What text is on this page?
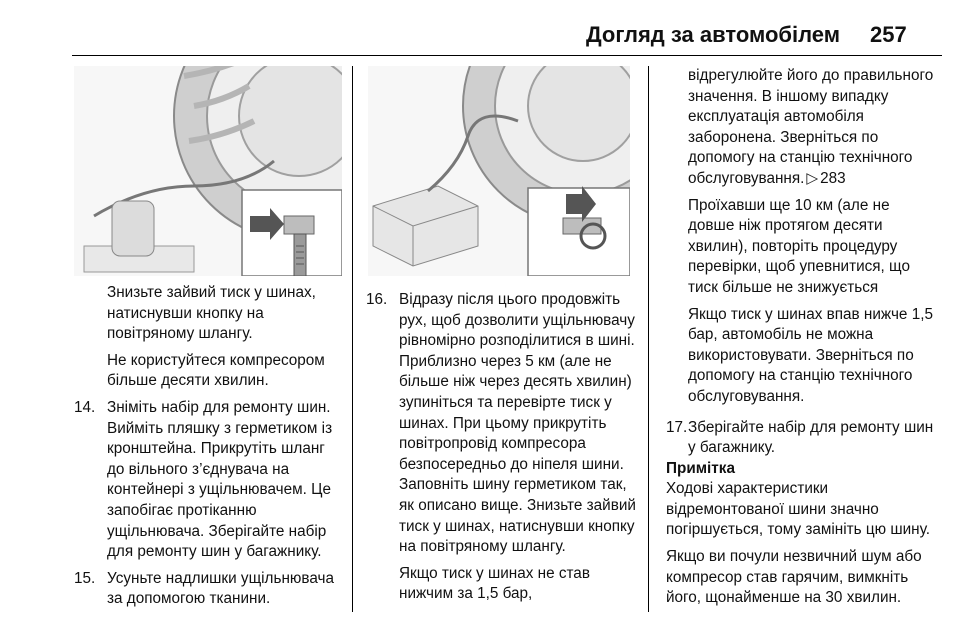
Догляд за автомобілем 257

Знизьте зайвий тиск у шинах, натиснувши кнопку на повітряному шлангу.

Не користуйтеся компресором більше десяти хвилин.

14. Зніміть набір для ремонту шин. Вийміть пляшку з герметиком із кронштейна. Прикрутіть шланг до вільного з’єднувача на контейнері з ущільнювачем. Це запобігає протіканню ущільнювача. Зберігайте набір для ремонту шин у багажнику.
15. Усуньте надлишки ущільнювача за допомогою тканини.
16. Відразу після цього продовжіть рух, щоб дозволити ущільнювачу рівномірно розподілитися в шині. Приблизно через 5 км (але не більше ніж через десять хвилин) зупиніться та перевірте тиск у шинах. При цьому прикрутіть повітропровід компресора безпосередньо до ніпеля шини. Заповніть шину герметиком так, як описано вище. Знизьте зайвий тиск у шинах, натиснувши кнопку на повітряному шлангу.

Якщо тиск у шинах не став нижчим за 1,5 бар,

відрегулюйте його до правильного значення. В іншому випадку експлуатація автомобіля заборонена. Звернiться по допомогу на станцію технічного обслуговування. ▷ 283

Проїхавши ще 10 км (але не довше ніж протягом десяти хвилин), повторіть процедуру перевірки, щоб упевнитися, що тиск більше не знижується

Якщо тиск у шинах впав нижче 1,5 бар, автомобіль не можна використовувати. Звернiться по допомогу на станцію технічного обслуговування.

17. Зберігайте набір для ремонту шин у багажнику.

Примітка

Ходові характеристики відремонтованої шини значно погіршується, тому замініть цю шину.

Якщо ви почули незвичний шум або компресор став гарячим, вимкніть його, щонайменше на 30 хвилин.
